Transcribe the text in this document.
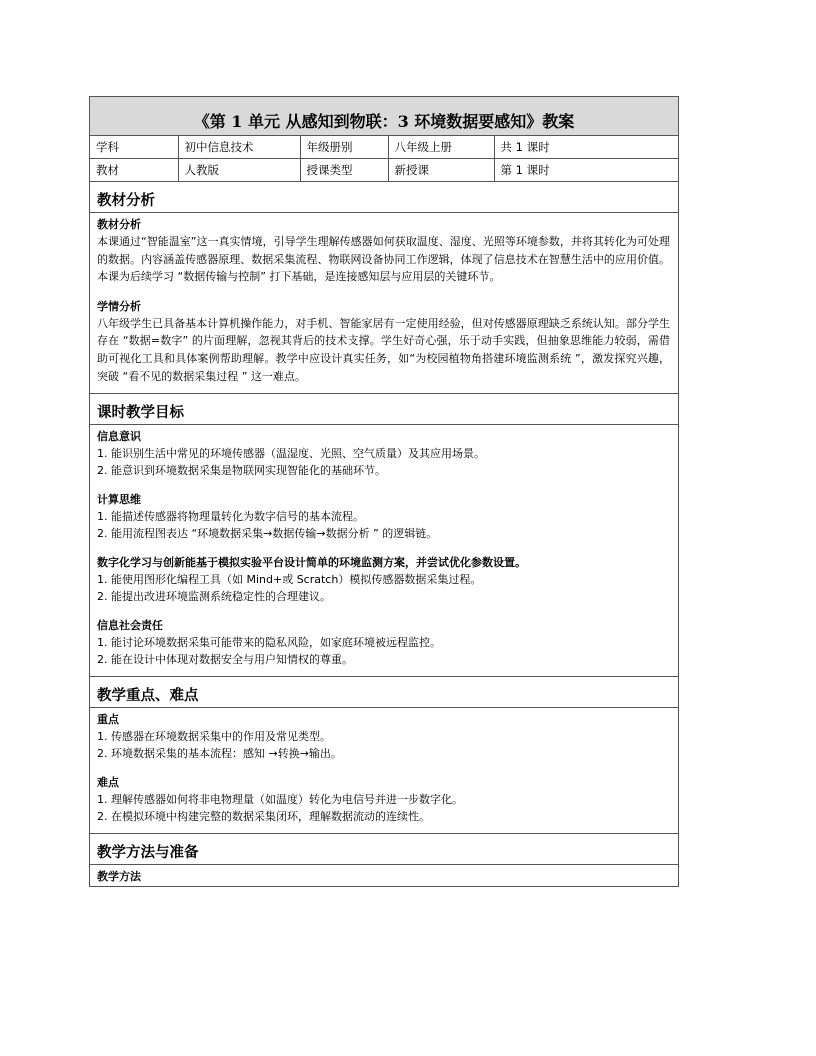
《第 1 单元 从感知到物联：3 环境数据要感知》教案
学科	初中信息技术	年级册别	八年级上册	共 1 课时
教材	人教版	授课类型	新授课	第 1 课时
教材分析
教材分析
本课通过“智能温室”这一真实情境，引导学生理解传感器如何获取温度、湿度、光照等环境参数，并将其转化为可处理的数据。内容涵盖传感器原理、数据采集流程、物联网设备协同工作逻辑，体现了信息技术在智慧生活中的应用价值。本课为后续学习 “数据传输与控制” 打下基础，是连接感知层与应用层的关键环节。
学情分析
八年级学生已具备基本计算机操作能力，对手机、智能家居有一定使用经验，但对传感器原理缺乏系统认知。部分学生存在 “数据=数字” 的片面理解，忽视其背后的技术支撑。学生好奇心强，乐于动手实践，但抽象思维能力较弱，需借助可视化工具和具体案例帮助理解。教学中应设计真实任务，如“为校园植物角搭建环境监测系统 ”，激发探究兴趣，突破 “看不见的数据采集过程 ” 这一难点。
课时教学目标
信息意识
1. 能识别生活中常见的环境传感器（温湿度、光照、空气质量）及其应用场景。
2. 能意识到环境数据采集是物联网实现智能化的基础环节。
计算思维
1. 能描述传感器将物理量转化为数字信号的基本流程。
2. 能用流程图表达 “环境数据采集→数据传输→数据分析 ” 的逻辑链。
数字化学习与创新能基于模拟实验平台设计简单的环境监测方案，并尝试优化参数设置。
1. 能使用图形化编程工具（如 Mind+或 Scratch）模拟传感器数据采集过程。
2. 能提出改进环境监测系统稳定性的合理建议。
信息社会责任
1. 能讨论环境数据采集可能带来的隐私风险，如家庭环境被远程监控。
2. 能在设计中体现对数据安全与用户知情权的尊重。
教学重点、难点
重点
1. 传感器在环境数据采集中的作用及常见类型。
2. 环境数据采集的基本流程：感知 →转换→输出。
难点
1. 理解传感器如何将非电物理量（如温度）转化为电信号并进一步数字化。
2. 在模拟环境中构建完整的数据采集闭环，理解数据流动的连续性。
教学方法与准备
教学方法
